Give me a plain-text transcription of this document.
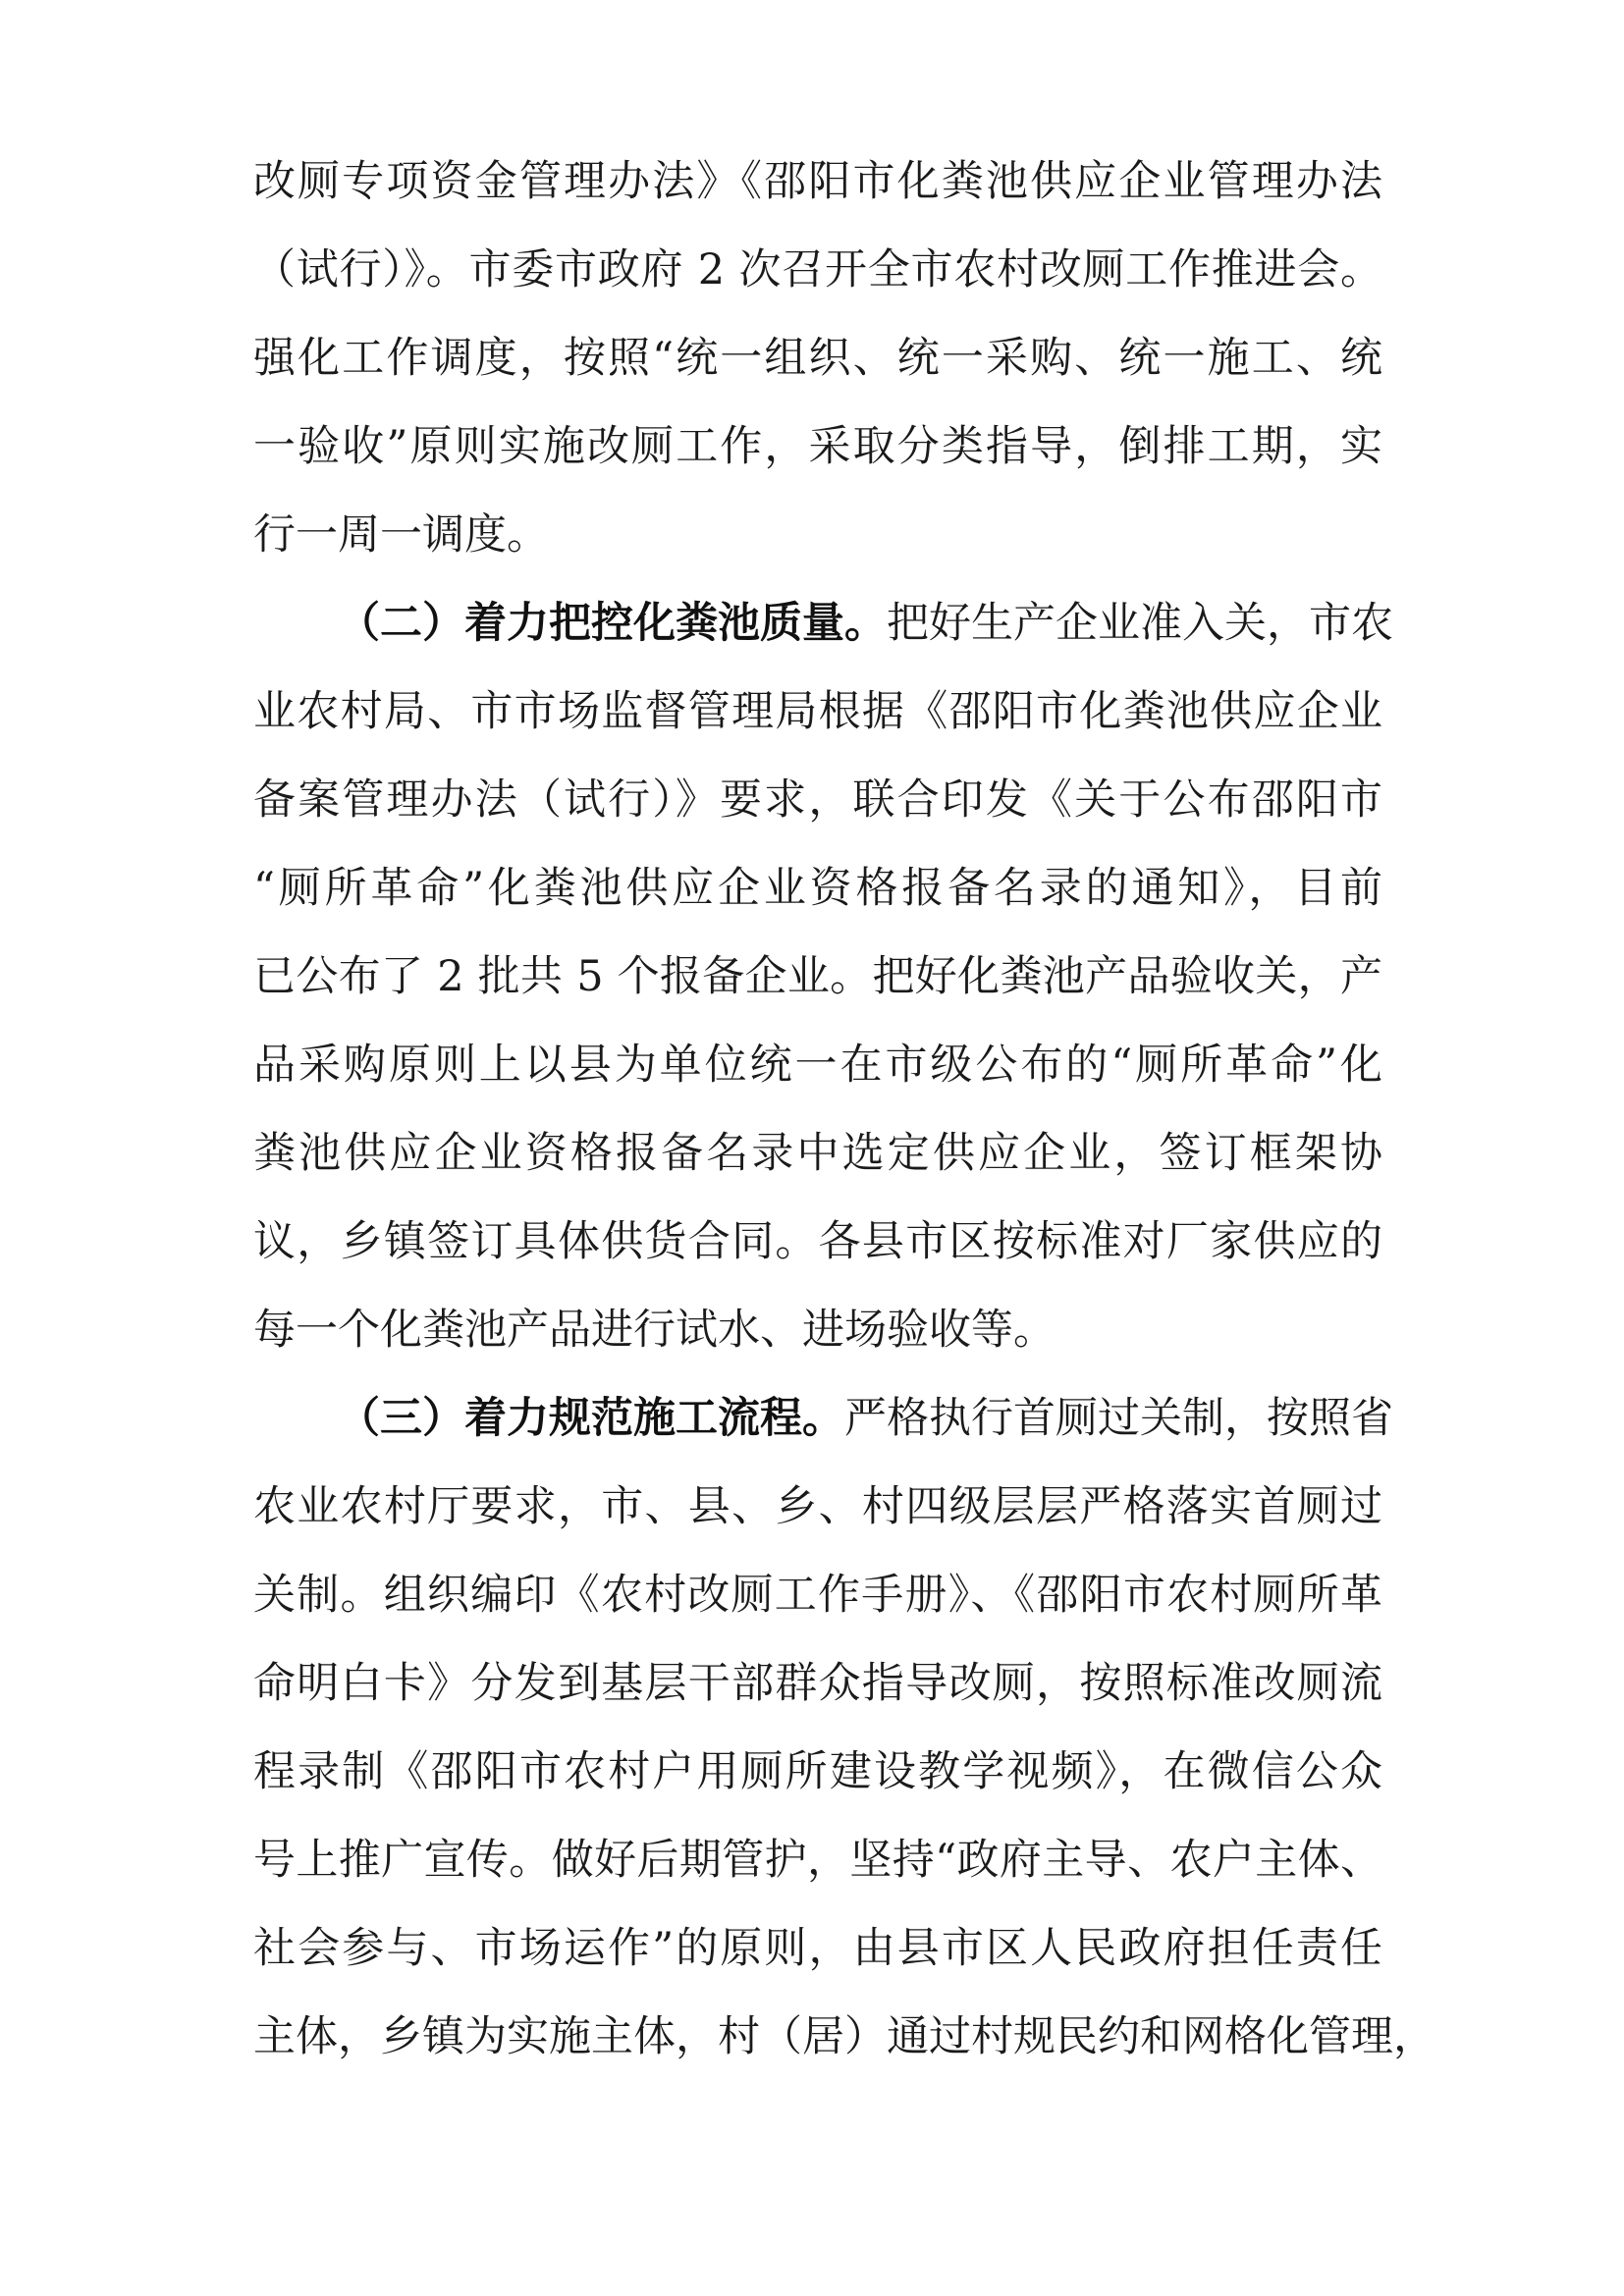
改厕专项资金管理办法》《邵阳市化粪池供应企业管理办法

（试行）》。市委市政府 2 次召开全市农村改厕工作推进会。

强化工作调度，按照“统一组织、统一采购、统一施工、统

一验收”原则实施改厕工作，采取分类指导，倒排工期，实

行一周一调度。

（二）着力把控化粪池质量。把好生产企业准入关，市农

业农村局、市市场监督管理局根据《邵阳市化粪池供应企业

备案管理办法（试行）》要求，联合印发《关于公布邵阳市

“厕所革命”化粪池供应企业资格报备名录的通知》，目前

已公布了 2 批共 5 个报备企业。把好化粪池产品验收关，产

品采购原则上以县为单位统一在市级公布的“厕所革命”化

粪池供应企业资格报备名录中选定供应企业，签订框架协

议，乡镇签订具体供货合同。各县市区按标准对厂家供应的

每一个化粪池产品进行试水、进场验收等。

（三）着力规范施工流程。严格执行首厕过关制，按照省

农业农村厅要求，市、县、乡、村四级层层严格落实首厕过

关制。组织编印《农村改厕工作手册》、《邵阳市农村厕所革

命明白卡》分发到基层干部群众指导改厕，按照标准改厕流

程录制《邵阳市农村户用厕所建设教学视频》，在微信公众

号上推广宣传。做好后期管护，坚持“政府主导、农户主体、

社会参与、市场运作”的原则，由县市区人民政府担任责任

主体，乡镇为实施主体，村（居）通过村规民约和网格化管理，
